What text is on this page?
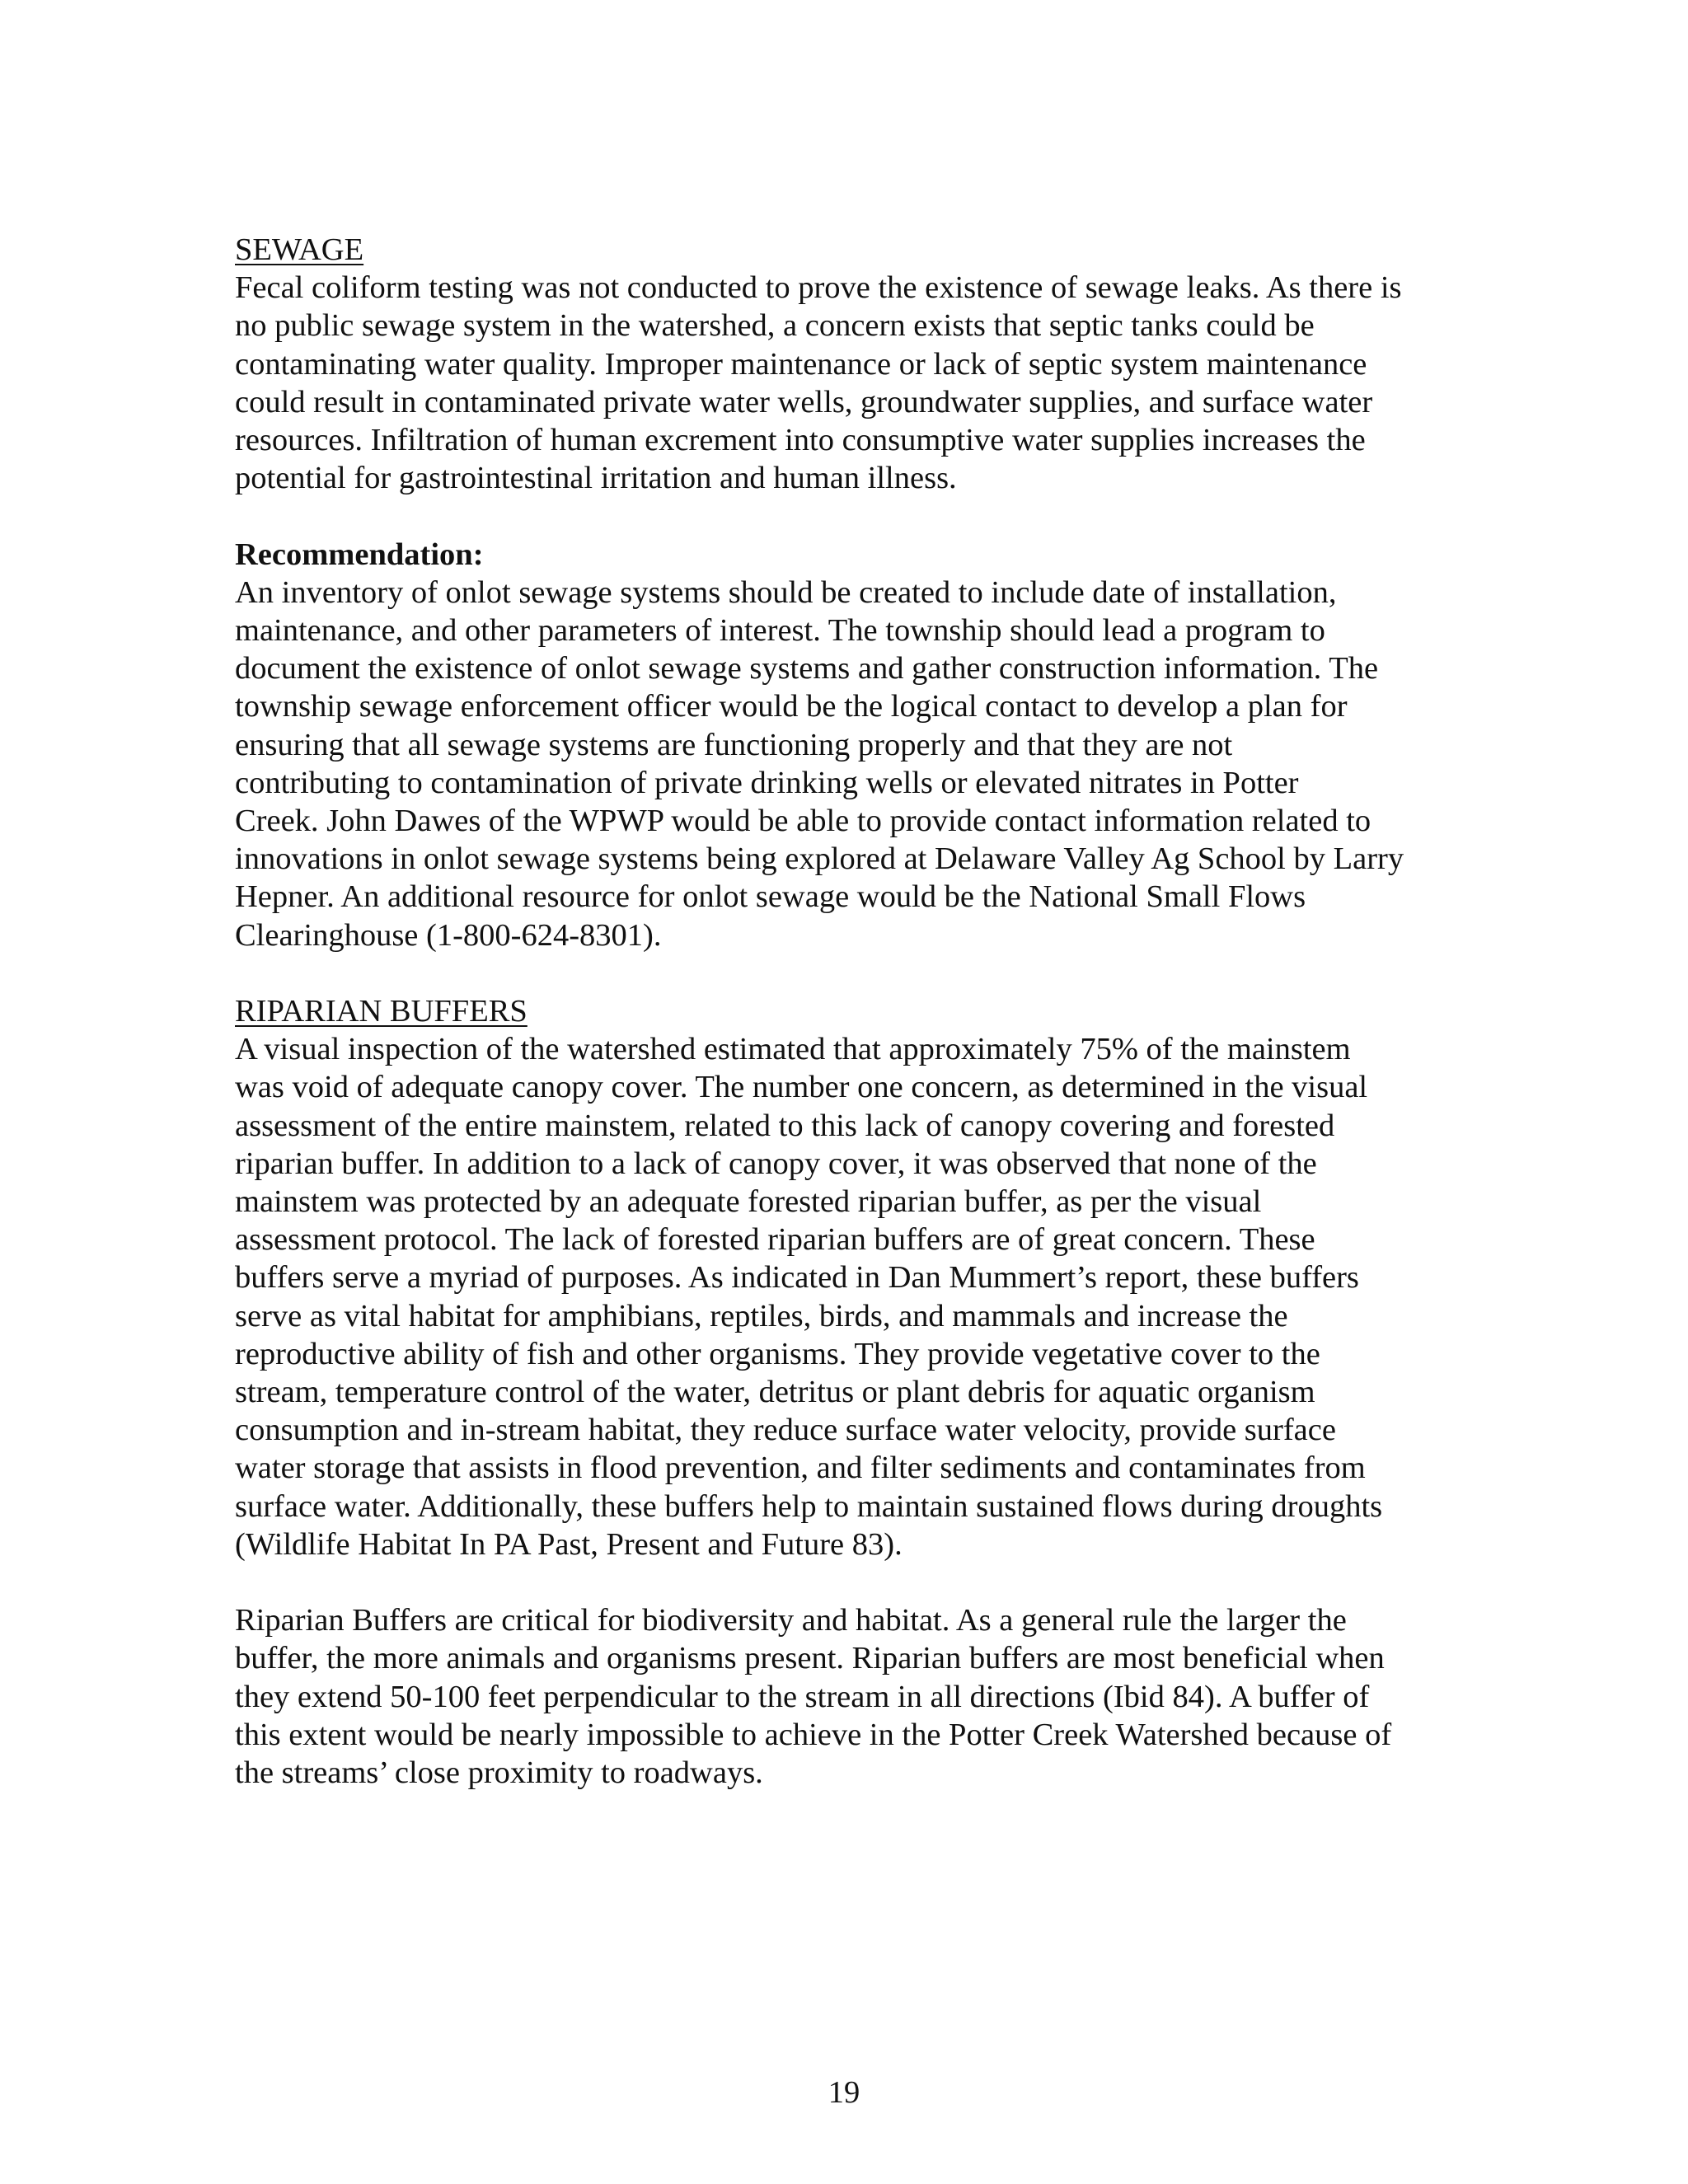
SEWAGE

Fecal coliform testing was not conducted to prove the existence of sewage leaks. As there is

no public sewage system in the watershed, a concern exists that septic tanks could be

contaminating water quality. Improper maintenance or lack of septic system maintenance

could result in contaminated private water wells, groundwater supplies, and surface water

resources. Infiltration of human excrement into consumptive water supplies increases the

potential for gastrointestinal irritation and human illness.

Recommendation:

An inventory of onlot sewage systems should be created to include date of installation,

maintenance, and other parameters of interest. The township should lead a program to

document the existence of onlot sewage systems and gather construction information. The

township sewage enforcement officer would be the logical contact to develop a plan for

ensuring that all sewage systems are functioning properly and that they are not

contributing to contamination of private drinking wells or elevated nitrates in Potter

Creek. John Dawes of the WPWP would be able to provide contact information related to

innovations in onlot sewage systems being explored at Delaware Valley Ag School by Larry

Hepner. An additional resource for onlot sewage would be the National Small Flows

Clearinghouse (1-800-624-8301).

RIPARIAN BUFFERS

A visual inspection of the watershed estimated that approximately 75% of the mainstem

was void of adequate canopy cover. The number one concern, as determined in the visual

assessment of the entire mainstem, related to this lack of canopy covering and forested

riparian buffer. In addition to a lack of canopy cover, it was observed that none of the

mainstem was protected by an adequate forested riparian buffer, as per the visual

assessment protocol. The lack of forested riparian buffers are of great concern. These

buffers serve a myriad of purposes. As indicated in Dan Mummert’s report, these buffers

serve as vital habitat for amphibians, reptiles, birds, and mammals and increase the

reproductive ability of fish and other organisms. They provide vegetative cover to the

stream, temperature control of the water, detritus or plant debris for aquatic organism

consumption and in-stream habitat, they reduce surface water velocity, provide surface

water storage that assists in flood prevention, and filter sediments and contaminates from

surface water. Additionally, these buffers help to maintain sustained flows during droughts

(Wildlife Habitat In PA Past, Present and Future 83).

Riparian Buffers are critical for biodiversity and habitat. As a general rule the larger the

buffer, the more animals and organisms present. Riparian buffers are most beneficial when

they extend 50-100 feet perpendicular to the stream in all directions (Ibid 84). A buffer of

this extent would be nearly impossible to achieve in the Potter Creek Watershed because of

the streams’ close proximity to roadways.

19
